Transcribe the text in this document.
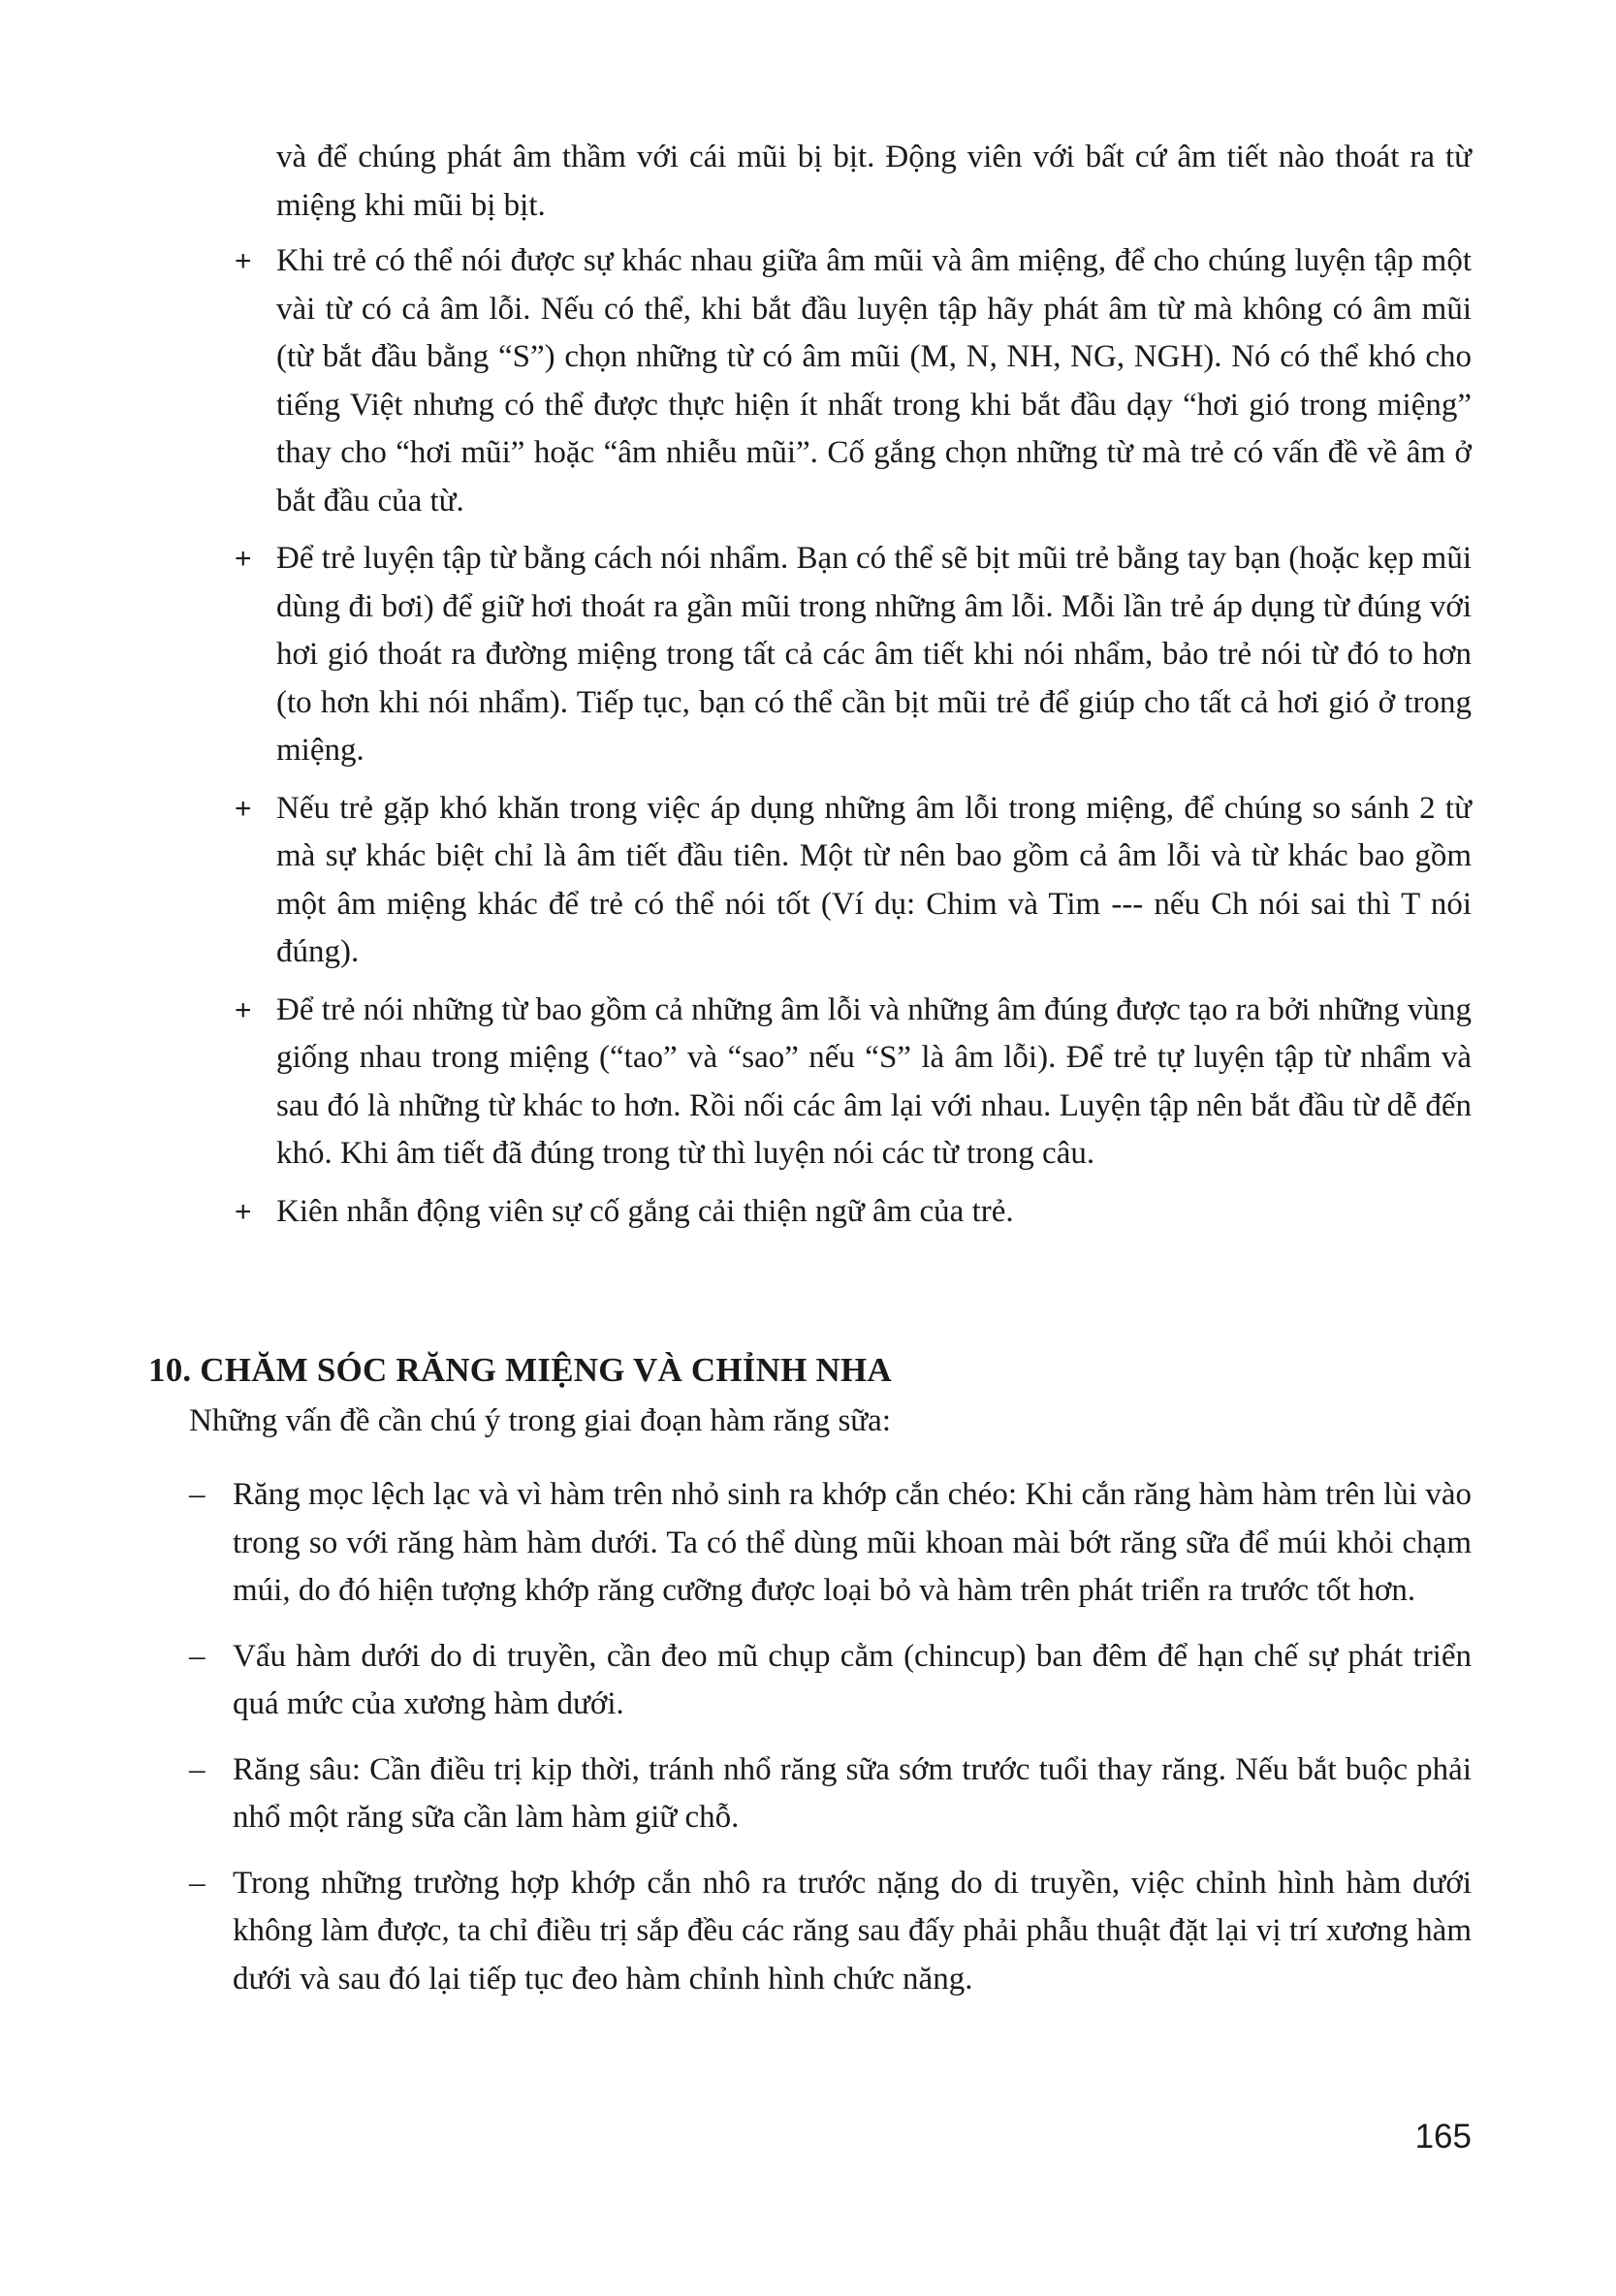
và để chúng phát âm thầm với cái mũi bị bịt. Động viên với bất cứ âm tiết nào thoát ra từ miệng khi mũi bị bịt.

+ Khi trẻ có thể nói được sự khác nhau giữa âm mũi và âm miệng, để cho chúng luyện tập một vài từ có cả âm lỗi. Nếu có thể, khi bắt đầu luyện tập hãy phát âm từ mà không có âm mũi (từ bắt đầu bằng “S”) chọn những từ có âm mũi (M, N, NH, NG, NGH). Nó có thể khó cho tiếng Việt nhưng có thể được thực hiện ít nhất trong khi bắt đầu dạy “hơi gió trong miệng” thay cho “hơi mũi” hoặc “âm nhiễu mũi”. Cố gắng chọn những từ mà trẻ có vấn đề về âm ở bắt đầu của từ.
+ Để trẻ luyện tập từ bằng cách nói nhẩm. Bạn có thể sẽ bịt mũi trẻ bằng tay bạn (hoặc kẹp mũi dùng đi bơi) để giữ hơi thoát ra gần mũi trong những âm lỗi. Mỗi lần trẻ áp dụng từ đúng với hơi gió thoát ra đường miệng trong tất cả các âm tiết khi nói nhẩm, bảo trẻ nói từ đó to hơn (to hơn khi nói nhẩm). Tiếp tục, bạn có thể cần bịt mũi trẻ để giúp cho tất cả hơi gió ở trong miệng.
+ Nếu trẻ gặp khó khăn trong việc áp dụng những âm lỗi trong miệng, để chúng so sánh 2 từ mà sự khác biệt chỉ là âm tiết đầu tiên. Một từ nên bao gồm cả âm lỗi và từ khác bao gồm một âm miệng khác để trẻ có thể nói tốt (Ví dụ: Chim và Tim --- nếu Ch nói sai thì T nói đúng).
+ Để trẻ nói những từ bao gồm cả những âm lỗi và những âm đúng được tạo ra bởi những vùng giống nhau trong miệng (“tao” và “sao” nếu “S” là âm lỗi). Để trẻ tự luyện tập từ nhẩm và sau đó là những từ khác to hơn. Rồi nối các âm lại với nhau. Luyện tập nên bắt đầu từ dễ đến khó. Khi âm tiết đã đúng trong từ thì luyện nói các từ trong câu.
+ Kiên nhẫn động viên sự cố gắng cải thiện ngữ âm của trẻ.
10. CHĂM SÓC RĂNG MIỆNG VÀ CHỈNH NHA

Những vấn đề cần chú ý trong giai đoạn hàm răng sữa:

– Răng mọc lệch lạc và vì hàm trên nhỏ sinh ra khớp cắn chéo: Khi cắn răng hàm hàm trên lùi vào trong so với răng hàm hàm dưới. Ta có thể dùng mũi khoan mài bớt răng sữa để múi khỏi chạm múi, do đó hiện tượng khớp răng cưỡng được loại bỏ và hàm trên phát triển ra trước tốt hơn.
– Vẩu hàm dưới do di truyền, cần đeo mũ chụp cằm (chincup) ban đêm để hạn chế sự phát triển quá mức của xương hàm dưới.
– Răng sâu: Cần điều trị kịp thời, tránh nhổ răng sữa sớm trước tuổi thay răng. Nếu bắt buộc phải nhổ một răng sữa cần làm hàm giữ chỗ.
– Trong những trường hợp khớp cắn nhô ra trước nặng do di truyền, việc chỉnh hình hàm dưới không làm được, ta chỉ điều trị sắp đều các răng sau đấy phải phẫu thuật đặt lại vị trí xương hàm dưới và sau đó lại tiếp tục đeo hàm chỉnh hình chức năng.
165
